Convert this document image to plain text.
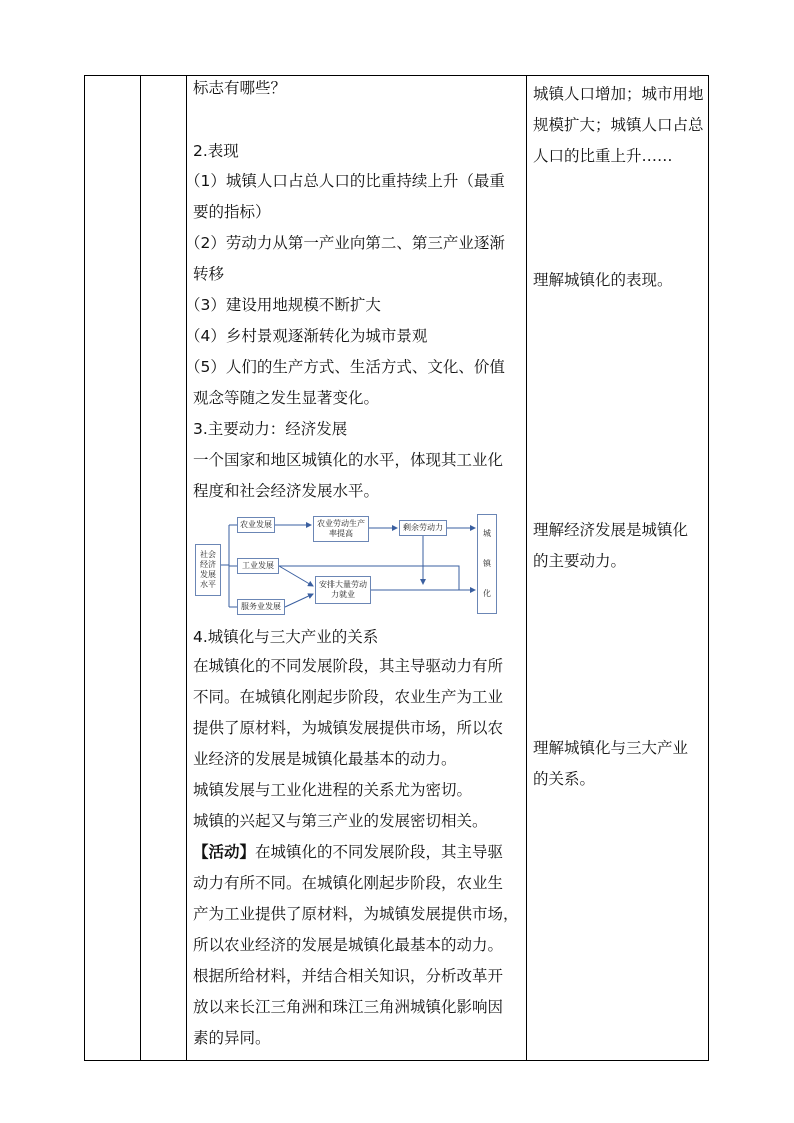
标志有哪些？
2.表现
（1）城镇人口占总人口的比重持续上升（最重
要的指标）
（2）劳动力从第一产业向第二、第三产业逐渐
转移
（3）建设用地规模不断扩大
（4）乡村景观逐渐转化为城市景观
（5）人们的生产方式、生活方式、文化、价值
观念等随之发生显著变化。
3.主要动力：经济发展
一个国家和地区城镇化的水平，体现其工业化
程度和社会经济发展水平。
4.城镇化与三大产业的关系
在城镇化的不同发展阶段，其主导驱动力有所
不同。在城镇化刚起步阶段，农业生产为工业
提供了原材料，为城镇发展提供市场，所以农
业经济的发展是城镇化最基本的动力。
城镇发展与工业化进程的关系尤为密切。
城镇的兴起又与第三产业的发展密切相关。
【活动】在城镇化的不同发展阶段，其主导驱
动力有所不同。在城镇化刚起步阶段，农业生
产为工业提供了原材料，为城镇发展提供市场，
所以农业经济的发展是城镇化最基本的动力。
根据所给材料，并结合相关知识，分析改革开
放以来长江三角洲和珠江三角洲城镇化影响因
素的异同。
社会
经济
发展
水平
农业发展
工业发展
服务业发展
农业劳动生产
率提高
剩余劳动力
安排大量劳动
力就业
城
镇
化
城镇人口增加；城市用地
规模扩大；城镇人口占总
人口的比重上升……
理解城镇化的表现。
理解经济发展是城镇化
的主要动力。
理解城镇化与三大产业
的关系。
